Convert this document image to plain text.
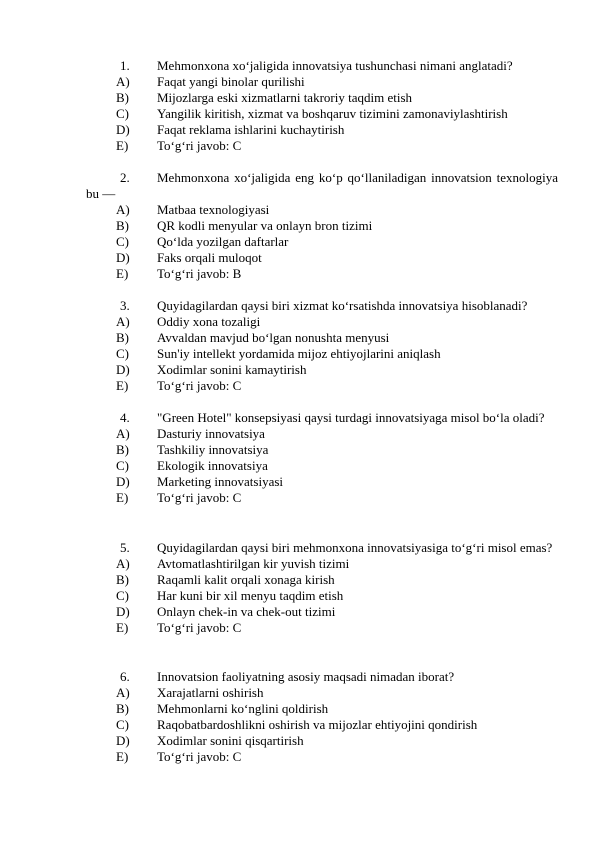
1.	Mehmonxona xo‘jaligida innovatsiya tushunchasi nimani anglatadi?
A) Faqat yangi binolar qurilishi
B) Mijozlarga eski xizmatlarni takroriy taqdim etish
C) Yangilik kiritish, xizmat va boshqaruv tizimini zamonaviylashtirish
D) Faqat reklama ishlarini kuchaytirish
E) To‘g‘ri javob: C
2.	Mehmonxona xo‘jaligida eng ko‘p qo‘llaniladigan innovatsion texnologiya bu —
A) Matbaa texnologiyasi
B) QR kodli menyular va onlayn bron tizimi
C) Qo‘lda yozilgan daftarlar
D) Faks orqali muloqot
E) To‘g‘ri javob: B
3.	Quyidagilardan qaysi biri xizmat ko‘rsatishda innovatsiya hisoblanadi?
A) Oddiy xona tozaligi
B) Avvaldan mavjud bo‘lgan nonushta menyusi
C) Sun'iy intellekt yordamida mijoz ehtiyojlarini aniqlash
D) Xodimlar sonini kamaytirish
E) To‘g‘ri javob: C
4.	"Green Hotel" konsepsiyasi qaysi turdagi innovatsiyaga misol bo‘la oladi?
A) Dasturiy innovatsiya
B) Tashkiliy innovatsiya
C) Ekologik innovatsiya
D) Marketing innovatsiyasi
E) To‘g‘ri javob: C
5.	Quyidagilardan qaysi biri mehmonxona innovatsiyasiga to‘g‘ri misol emas?
A) Avtomatlashtirilgan kir yuvish tizimi
B) Raqamli kalit orqali xonaga kirish
C) Har kuni bir xil menyu taqdim etish
D) Onlayn chek-in va chek-out tizimi
E) To‘g‘ri javob: C
6.	Innovatsion faoliyatning asosiy maqsadi nimadan iborat?
A) Xarajatlarni oshirish
B) Mehmonlarni ko‘nglini qoldirish
C) Raqobatbardoshlikni oshirish va mijozlar ehtiyojini qondirish
D) Xodimlar sonini qisqartirish
E) To‘g‘ri javob: C
